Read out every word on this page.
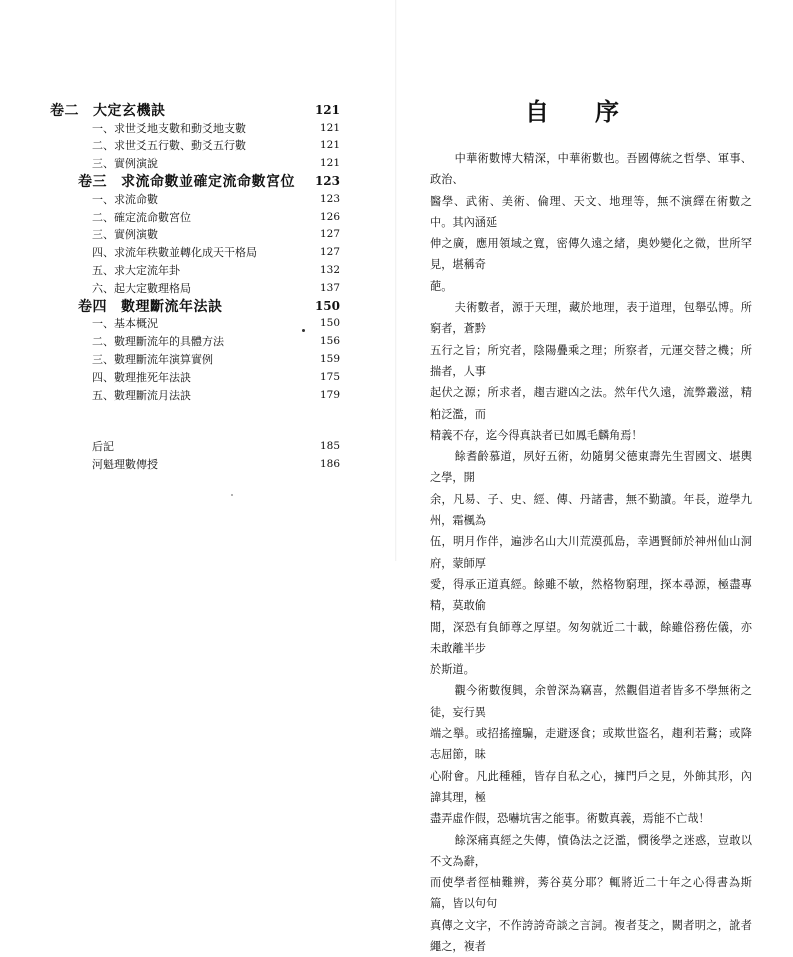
卷二 大定玄機訣	121
一、求世爻地支數和動爻地支數	121
二、求世爻五行數、動爻五行數	121
三、實例演說	121
卷三 求流命數並確定流命數宮位 123
一、求流命數	123
二、確定流命數宮位	126
三、實例演數	127
四、求流年秩數並轉化成天干格局	127
五、求大定流年卦	132
六、起大定數理格局	137
卷四 數理斷流年法訣	150
一、基本概況	150
二、數理斷流年的具體方法	156
三、數理斷流年演算實例	159
四、數理推死年法訣	175
五、數理斷流月法訣	179
后記	185
河魁理數傳授	186
自序

中華術數博大精深，中華術數也。吾國傳統之哲學、軍事、政治、

醫學、武術、美術、倫理、天文、地理等，無不演繹在術數之中。其內涵延

伸之廣，應用領域之寬，密傳久遠之緒，奧妙變化之微，世所罕見，堪稱奇

葩。

夫術數者，源于天理，藏於地理，表于道理，包舉弘博。所窮者，蒼黔

五行之旨；所究者，陰陽疊乘之理；所察者，元運交替之機；所揣者，人事

起伏之源；所求者，趨吉避凶之法。然年代久遠，流弊叢滋，精粕泛濫，而

精義不存，迄今得真訣者已如鳳毛麟角焉！

餘耆齡慕道，夙好五術，幼隨舅父德東壽先生習國文、堪輿之學，開

余，凡易、子、史、經、傳、丹諸書，無不勤讀。年長，遊學九州，霜楓為

伍，明月作伴，遍涉名山大川荒漠孤島，幸遇賢師於神州仙山洞府，蒙師厚

愛，得承正道真經。餘雖不敏，然格物窮理，探本尋源，極盡專精，莫敢偷

閒，深恐有負師尊之厚望。匆匆就近二十載，餘雖俗務佐儀，亦未敢離半步

於斯道。

觀今術數復興，余曾深為竊喜，然觀倡道者皆多不學無術之徒，妄行異

端之擧。或招搖撞騙，走避逐食；或欺世盜名，趨利若鶩；或降志屈節，昧

心附會。凡此種種，皆存自私之心，擁門戶之見，外飾其形，內諱其理，極

盡弄虛作假，恐嚇坑害之能事。術數真義，焉能不亡哉！

餘深痛真經之失傳，憤偽法之泛濫，憫後學之迷惑，豈敢以不文為辭，

而使學者徑柚難辨，莠谷莫分耶？輒將近二十年之心得書為斯篇，皆以句句

真傳之文字，不作誇誇奇談之言詞。複者芟之，闕者明之，訛者繩之，複者
